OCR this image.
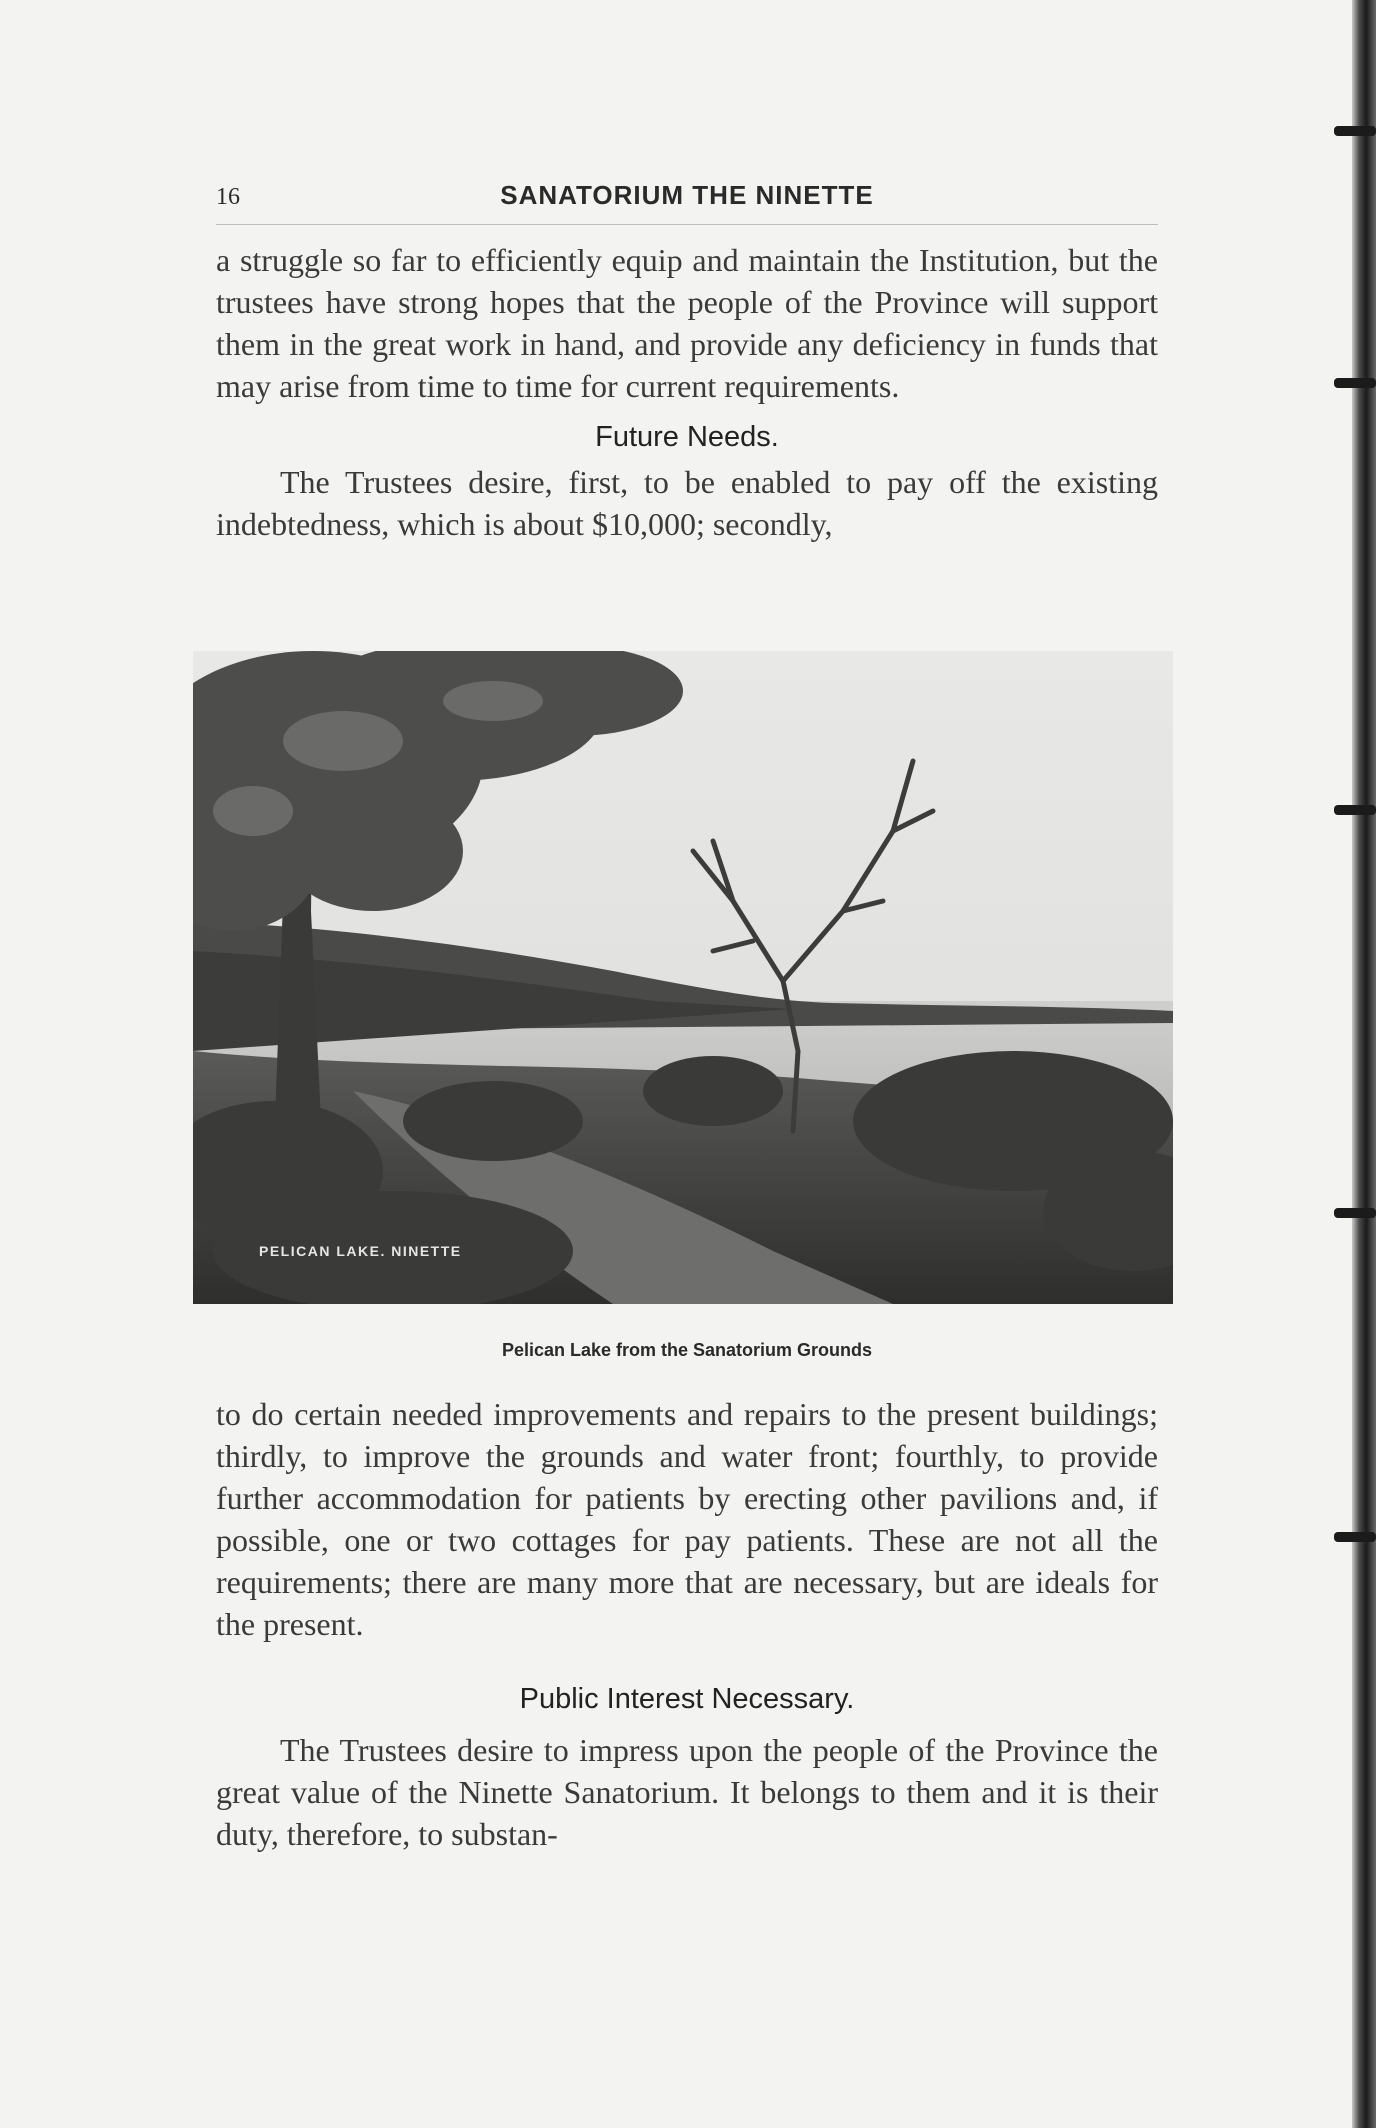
16	SANATORIUM THE NINETTE

a struggle so far to efficiently equip and maintain the Institution, but the trustees have strong hopes that the people of the Province will support them in the great work in hand, and provide any deficiency in funds that may arise from time to time for current requirements.

Future Needs.

The Trustees desire, first, to be enabled to pay off the existing indebtedness, which is about $10,000; secondly,

PELICAN LAKE. NINETTE
Pelican Lake from the Sanatorium Grounds

to do certain needed improvements and repairs to the present buildings; thirdly, to improve the grounds and water front; fourthly, to provide further accommodation for patients by erecting other pavilions and, if possible, one or two cottages for pay patients. These are not all the requirements; there are many more that are necessary, but are ideals for the present.

Public Interest Necessary.

The Trustees desire to impress upon the people of the Province the great value of the Ninette Sanatorium. It belongs to them and it is their duty, therefore, to substan-
